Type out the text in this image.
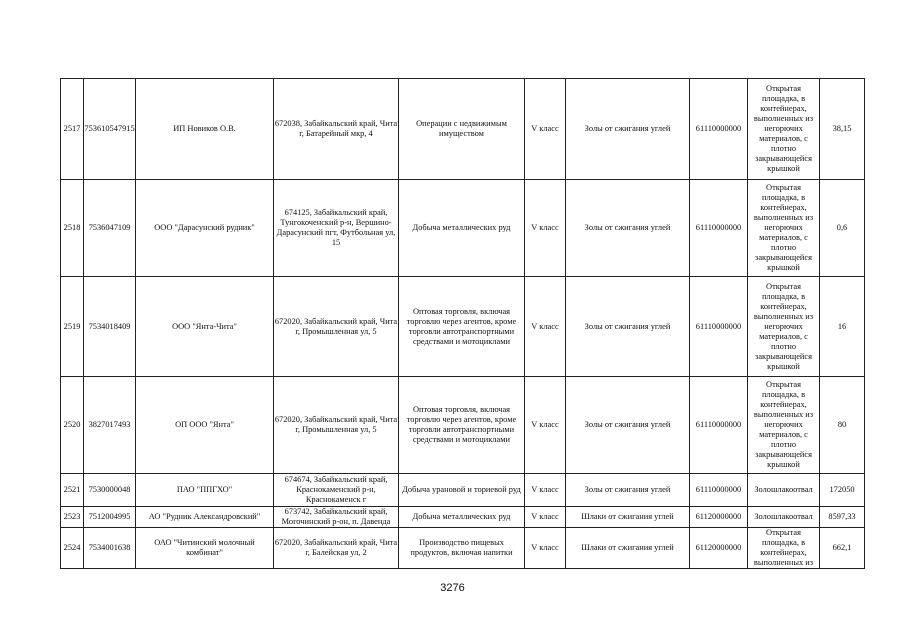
2517	753610547915	ИП Новиков О.В.	672038, Забайкальский край, Чита г, Батарейный мкр, 4	Операции с недвижимым имуществом	V класс	Золы от сжигания углей	61110000000	Открытая площадка, в контейнерах, выполненных из негорючих материалов, с плотно закрывающейся крышкой	38,15
2518	7536047109	ООО "Дарасунский рудник"	674125, Забайкальский край, Тунгокоченский р-н, Вершино-Дарасунский пгт, Футбольная ул, 15	Добыча металлических руд	V класс	Золы от сжигания углей	61110000000	Открытая площадка, в контейнерах, выполненных из негорючих материалов, с плотно закрывающейся крышкой	0,6
2519	7534018409	ООО "Янта-Чита"	672020, Забайкальский край, Чита г, Промышленная ул, 5	Оптовая торговля, включая торговлю через агентов, кроме торговли автотранспортными средствами и мотоциклами	V класс	Золы от сжигания углей	61110000000	Открытая площадка, в контейнерах, выполненных из негорючих материалов, с плотно закрывающейся крышкой	16
2520	3827017493	ОП ООО "Янта"	672020, Забайкальский край, Чита г, Промышленная ул, 5	Оптовая торговля, включая торговлю через агентов, кроме торговли автотранспортными средствами и мотоциклами	V класс	Золы от сжигания углей	61110000000	Открытая площадка, в контейнерах, выполненных из негорючих материалов, с плотно закрывающейся крышкой	80
2521	7530000048	ПАО "ППГХО"	674674, Забайкальский край, Краснокаменский р-н, Краснокаменск г	Добыча урановой и ториевой руд	V класс	Золы от сжигания углей	61110000000	Золошлакоотвал	172050
2523	7512004995	АО "Рудник Александровский"	673742, Забайкальский край, Могочинский р-он, п. Давенда	Добыча металлических руд	V класс	Шлаки от сжигания углей	61120000000	Золошлакоотвал	8597,33
2524	7534001638	ОАО "Читинский молочный комбинат"	672020, Забайкальский край, Чита г, Балейская ул, 2	Производство пищевых продуктов, включая напитки	V класс	Шлаки от сжигания углей	61120000000	Открытая площадка, в контейнерах, выполненных из	662,1
3276
